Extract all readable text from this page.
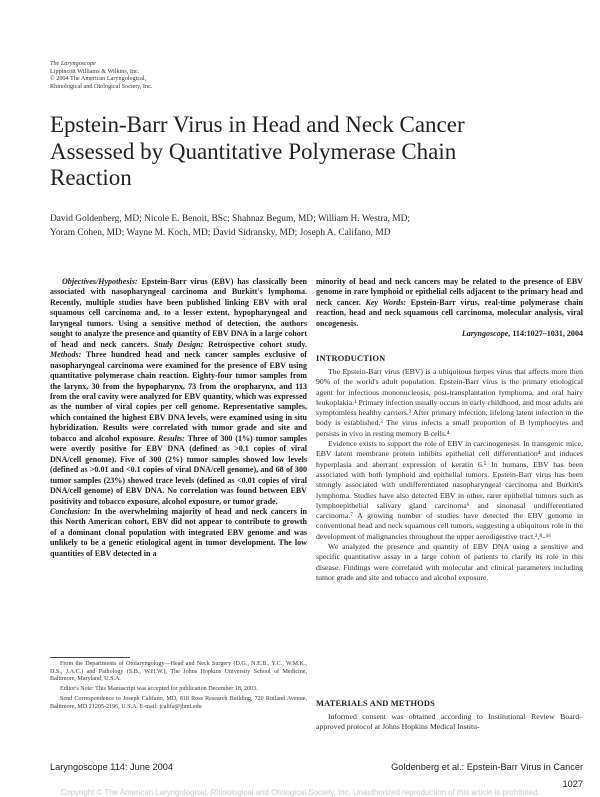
The Laryngoscope
Lippincott Williams & Wilkins, Inc.
© 2004 The American Laryngological,
Rhinological and Otological Society, Inc.
Epstein-Barr Virus in Head and Neck Cancer Assessed by Quantitative Polymerase Chain Reaction
David Goldenberg, MD; Nicole E. Benoit, BSc; Shahnaz Begum, MD; William H. Westra, MD;
Yoram Cohen, MD; Wayne M. Koch, MD; David Sidransky, MD; Joseph A. Califano, MD

Objectives/Hypothesis: Epstein-Barr virus (EBV) has classically been associated with nasopharyngeal carcinoma and Burkitt's lymphoma. Recently, multiple studies have been published linking EBV with oral squamous cell carcinoma and, to a lesser extent, hypopharyngeal and laryngeal tumors. Using a sensitive method of detection, the authors sought to analyze the presence and quantity of EBV DNA in a large cohort of head and neck cancers. Study Design: Retrospective cohort study. Methods: Three hundred head and neck cancer samples exclusive of nasopharyngeal carcinoma were examined for the presence of EBV using quantitative polymerase chain reaction. Eighty-four tumor samples from the larynx, 30 from the hypopharynx, 73 from the oropharynx, and 113 from the oral cavity were analyzed for EBV quantity, which was expressed as the number of viral copies per cell genome. Representative samples, which contained the highest EBV DNA levels, were examined using in situ hybridization. Results were correlated with tumor grade and site and tobacco and alcohol exposure. Results: Three of 300 (1%) tumor samples were overtly positive for EBV DNA (defined as >0.1 copies of viral DNA/cell genome). Five of 300 (2%) tumor samples showed low levels (defined as >0.01 and <0.1 copies of viral DNA/cell genome), and 68 of 300 tumor samples (23%) showed trace levels (defined as <0.01 copies of viral DNA/cell genome) of EBV DNA. No correlation was found between EBV positivity and tobacco exposure, alcohol exposure, or tumor grade.

Conclusion: In the overwhelming majority of head and neck cancers in this North American cohort, EBV did not appear to contribute to growth of a dominant clonal population with integrated EBV genome and was unlikely to be a genetic etiological agent in tumor development. The low quantities of EBV detected in a

minority of head and neck cancers may be related to the presence of EBV genome in rare lymphoid or epithelial cells adjacent to the primary head and neck cancer. Key Words: Epstein-Barr virus, real-time polymerase chain reaction, head and neck squamous cell carcinoma, molecular analysis, viral oncogenesis.

Laryngoscope, 114:1027–1031, 2004
INTRODUCTION

The Epstein-Barr virus (EBV) is a ubiquitous herpes virus that affects more then 90% of the world's adult population. Epstein-Barr virus is the primary etiological agent for infectious mononucleosis, post-transplantation lymphoma, and oral hairy leukoplakia.¹ Primary infection usually occurs in early childhood, and most adults are symptomless healthy carriers.² After primary infection, lifelong latent infection in the body is established.³ The virus infects a small proportion of B lymphocytes and persists in vivo in resting memory B cells.⁴

Evidence exists to support the role of EBV in carcinogenesis. In transgenic mice, EBV latent membrane protein inhibits epithelial cell differentiation⁴ and induces hyperplasia and aberrant expression of keratin 6.⁵ In humans, EBV has been associated with both lymphoid and epithelial tumors. Epstein-Barr virus has been strongly associated with undifferentiated nasopharyngeal carcinoma and Burkitt's lymphoma. Studies have also detected EBV in other, rarer epithelial tumors such as lymphoepithelial salivary gland carcinoma⁶ and sinonasal undifferentiated carcinoma.⁷ A growing number of studies have detected the EBV genome in conventional head and neck squamous cell tumors, suggesting a ubiquitous role in the development of malignancies throughout the upper aerodigestive tract.²,⁸–¹⁶

We analyzed the presence and quantity of EBV DNA using a sensitive and specific quantitative assay in a large cohort of patients to clarify its role in this disease. Findings were correlated with molecular and clinical parameters including tumor grade and site and tobacco and alcohol exposure.

MATERIALS AND METHODS

Informed consent was obtained according to Institutional Review Board–approved protocol at Johns Hopkins Medical Institu-

From the Departments of Otolaryngology—Head and Neck Surgery (D.G., N.E.B., Y.C., W.M.K., D.S., J.A.C.) and Pathology (S.B., W.H.W.), The Johns Hopkins University School of Medicine, Baltimore, Maryland, U.S.A.

Editor's Note: This Manuscript was accepted for publication December 18, 2003.

Send Correspondence to Joseph Califano, MD, 818 Ross Research Building, 720 Rutland Avenue, Baltimore, MD 21205-2196, U.S.A. E-mail: jcalifa@jhmi.edu

Laryngoscope 114: June 2004	Goldenberg et al.: Epstein-Barr Virus in Cancer
1027
Copyright © The American Laryngological, Rhinological and Otological Society, Inc. Unauthorized reproduction of this article is prohibited.
